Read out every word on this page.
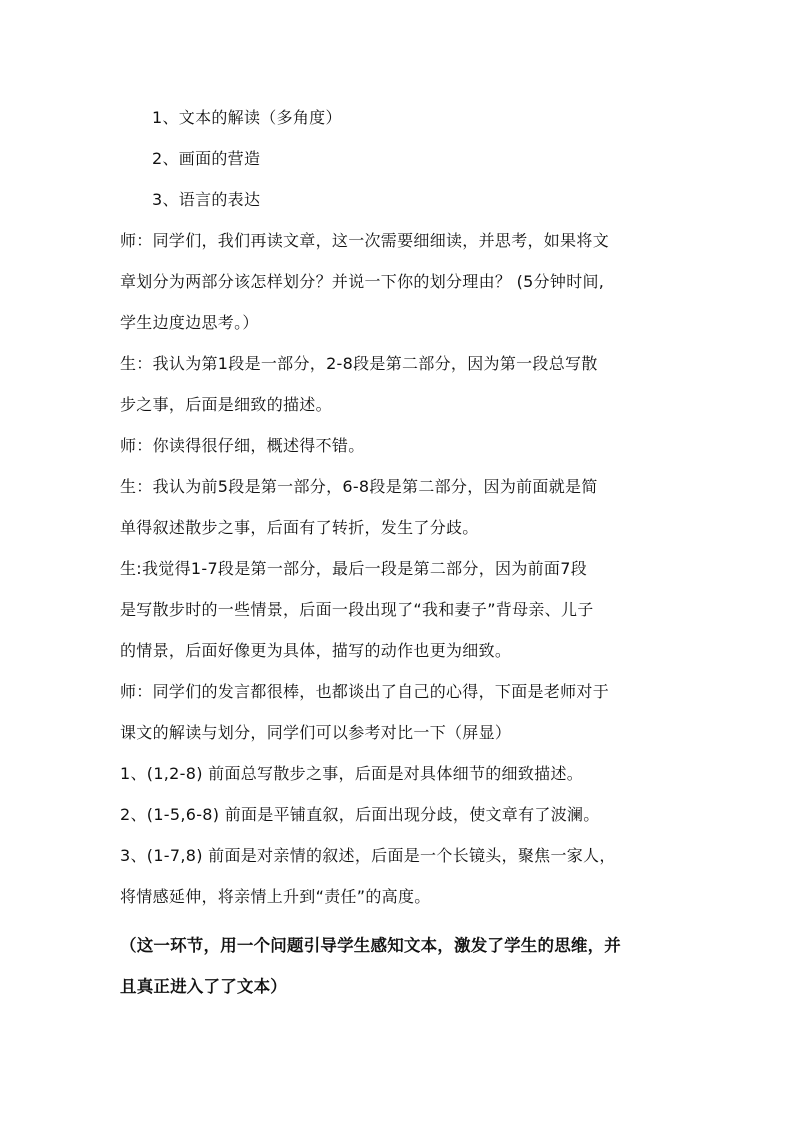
1、文本的解读（多角度）
2、画面的营造
3、语言的表达
师：同学们，我们再读文章，这一次需要细细读，并思考，如果将文
章划分为两部分该怎样划分？并说一下你的划分理由？ (5分钟时间,
学生边度边思考。）
生：我认为第1段是一部分，2-8段是第二部分，因为第一段总写散
步之事，后面是细致的描述。
师：你读得很仔细，概述得不错。
生：我认为前5段是第一部分，6-8段是第二部分，因为前面就是简
单得叙述散步之事，后面有了转折，发生了分歧。
生:我觉得1-7段是第一部分，最后一段是第二部分，因为前面7段
是写散步时的一些情景，后面一段出现了“我和妻子”背母亲、儿子
的情景，后面好像更为具体，描写的动作也更为细致。
师：同学们的发言都很棒，也都谈出了自己的心得，下面是老师对于
课文的解读与划分，同学们可以参考对比一下（屏显）
1、(1,2-8) 前面总写散步之事，后面是对具体细节的细致描述。
2、(1-5,6-8) 前面是平铺直叙，后面出现分歧，使文章有了波澜。
3、(1-7,8) 前面是对亲情的叙述，后面是一个长镜头，聚焦一家人，
将情感延伸，将亲情上升到“责任”的高度。
（这一环节，用一个问题引导学生感知文本，激发了学生的思维，并
且真正进入了了文本）
